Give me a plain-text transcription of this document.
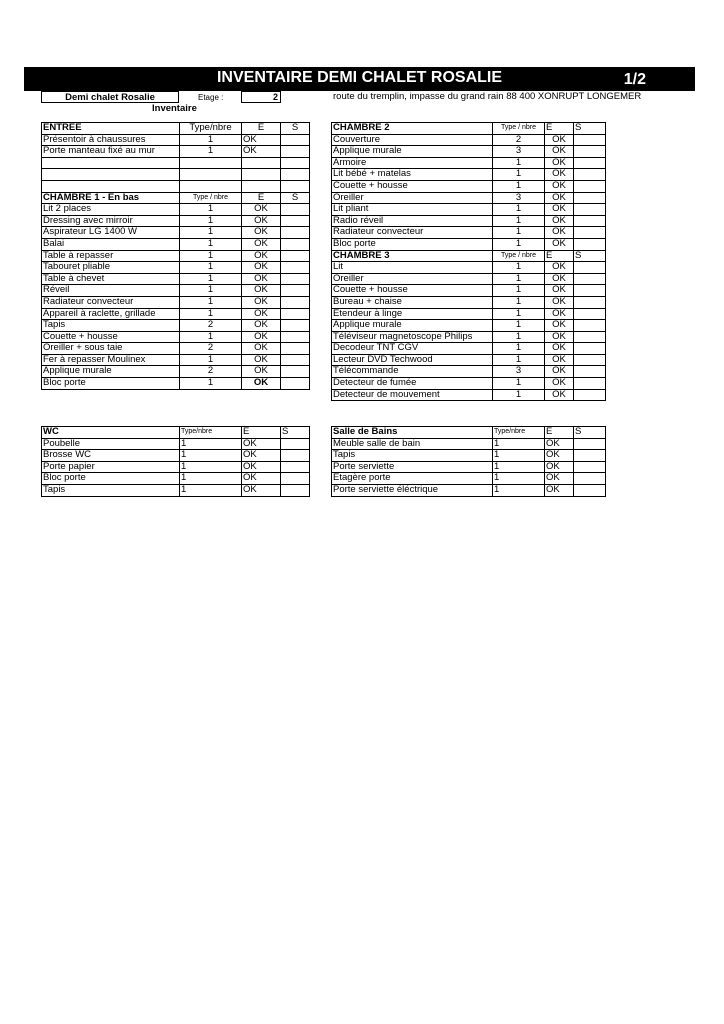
INVENTAIRE DEMI CHALET ROSALIE	1/2
Demi chalet Rosalie	Etage :	2	route du tremplin, impasse du grand rain 88 400 XONRUPT LONGEMER
Inventaire
ENTREE	Type/nbre	E	S
Présentoir à chaussures	1	OK	
Porte manteau fixé au mur	1	OK	

CHAMBRE 1 - En bas	Type / nbre	E	S
Lit 2 places	1	OK	
Dressing avec mirroir	1	OK	
Aspirateur LG 1400 W	1	OK	
Balai	1	OK	
Table à repasser	1	OK	
Tabouret pliable	1	OK	
Table à chevet	1	OK	
Réveil	1	OK	
Radiateur convecteur	1	OK	
Appareil à raclette, grillade	1	OK	
Tapis	2	OK	
Couette + housse	1	OK	
Oreiller + sous taie	2	OK	
Fer à repasser Moulinex	1	OK	
Applique murale	2	OK	
Bloc porte	1	OK	
CHAMBRE 2	Type / nbre	E	S
Couverture	2	OK	
Applique murale	3	OK	
Armoire	1	OK	
Lit bébé + matelas	1	OK	
Couette + housse	1	OK	
Oreiller	3	OK	
Lit pliant	1	OK	
Radio réveil	1	OK	
Radiateur convecteur	1	OK	
Bloc porte	1	OK	
CHAMBRE 3	Type / nbre	E	S
Lit	1	OK	
Oreiller	1	OK	
Couette + housse	1	OK	
Bureau + chaise	1	OK	
Etendeur à linge	1	OK	
Applique murale	1	OK	
Téléviseur magnetoscope Philips	1	OK	
Decodeur TNT CGV	1	OK	
Lecteur DVD Techwood	1	OK	
Télécommande	3	OK	
Detecteur de fumée	1	OK	
Detecteur de mouvement	1	OK	
WC	Type/nbre	E	S
Poubelle	1	OK	
Brosse WC	1	OK	
Porte papier	1	OK	
Bloc porte	1	OK	
Tapis	1	OK	
Salle de Bains	Type/nbre	E	S
Meuble salle de bain	1	OK	
Tapis	1	OK	
Porte serviette	1	OK	
Etagère porte	1	OK	
Porte serviette éléctrique	1	OK	
